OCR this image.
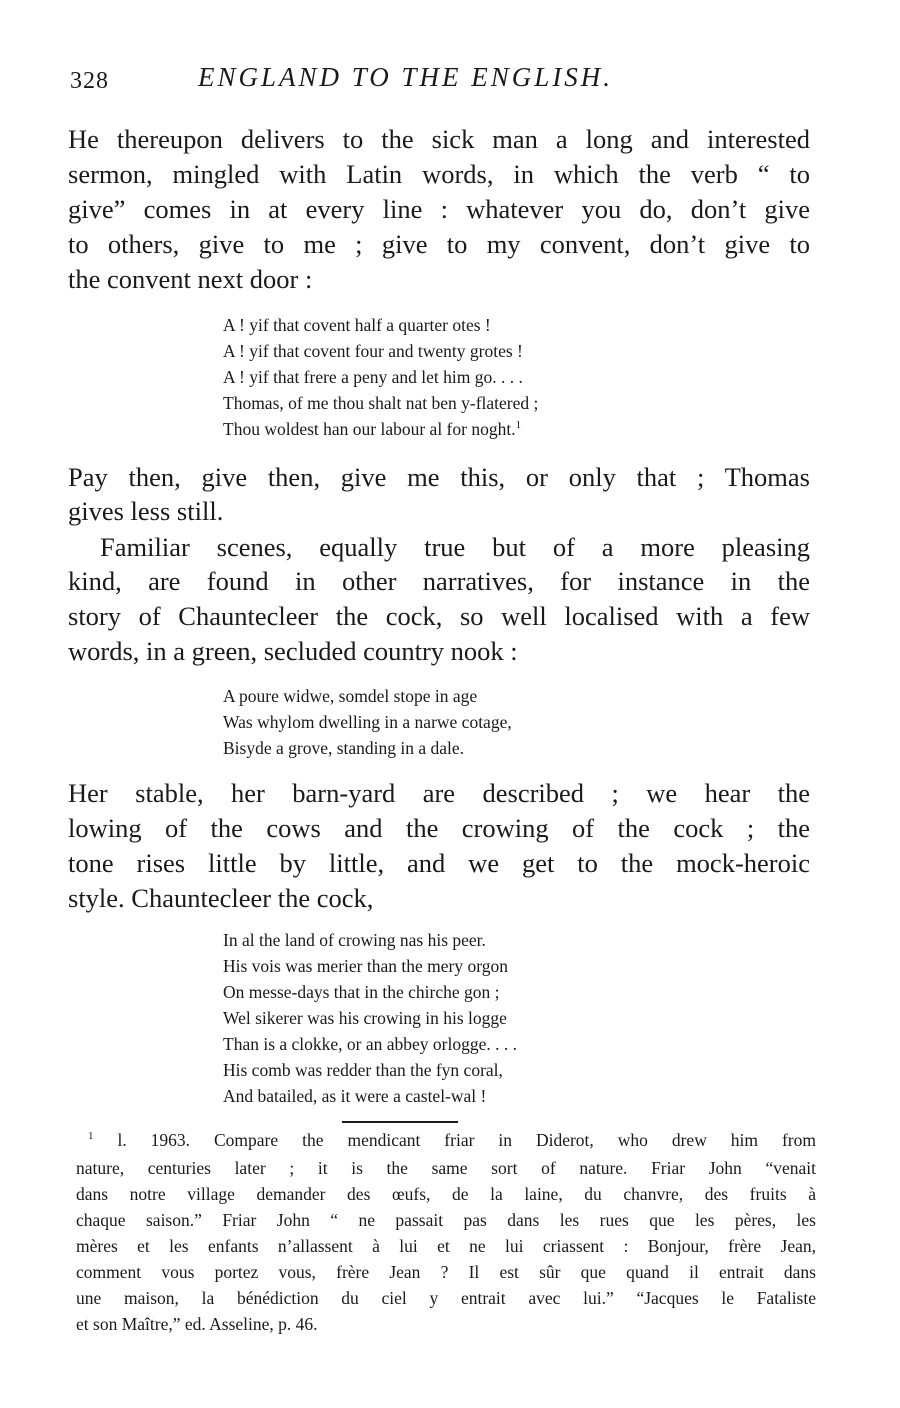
328	ENGLAND TO THE ENGLISH.
He thereupon delivers to the sick man a long and interested
sermon, mingled with Latin words, in which the verb “ to
give” comes in at every line : whatever you do, don’t give
to others, give to me ; give to my convent, don’t give to
the convent next door :
A ! yif that covent half a quarter otes !
A ! yif that covent four and twenty grotes !
A ! yif that frere a peny and let him go. . . .
Thomas, of me thou shalt nat ben y-flatered ;
Thou woldest han our labour al for noght.$^1$
Pay then, give then, give me this, or only that ; Thomas
gives less still.
Familiar scenes, equally true but of a more pleasing
kind, are found in other narratives, for instance in the
story of Chauntecleer the cock, so well localised with a few
words, in a green, secluded country nook :
A poure widwe, somdel stope in age
Was whylom dwelling in a narwe cotage,
Bisyde a grove, standing in a dale.
Her stable, her barn-yard are described ; we hear the
lowing of the cows and the crowing of the cock ; the
tone rises little by little, and we get to the mock-heroic
style. Chauntecleer the cock,
In al the land of crowing nas his peer.
His vois was merier than the mery orgon
On messe-days that in the chirche gon ;
Wel sikerer was his crowing in his logge
Than is a clokke, or an abbey orlogge. . . .
His comb was redder than the fyn coral,
And batailed, as it were a castel-wal !
$^1$ l. 1963. Compare the mendicant friar in Diderot, who drew him from
nature, centuries later ; it is the same sort of nature. Friar John “venait
dans notre village demander des œufs, de la laine, du chanvre, des fruits à
chaque saison.” Friar John “ ne passait pas dans les rues que les pères, les
mères et les enfants n’allassent à lui et ne lui criassent : Bonjour, frère Jean,
comment vous portez vous, frère Jean ? Il est sûr que quand il entrait dans
une maison, la bénédiction du ciel y entrait avec lui.” “Jacques le Fataliste
et son Maître,” ed. Asseline, p. 46.
